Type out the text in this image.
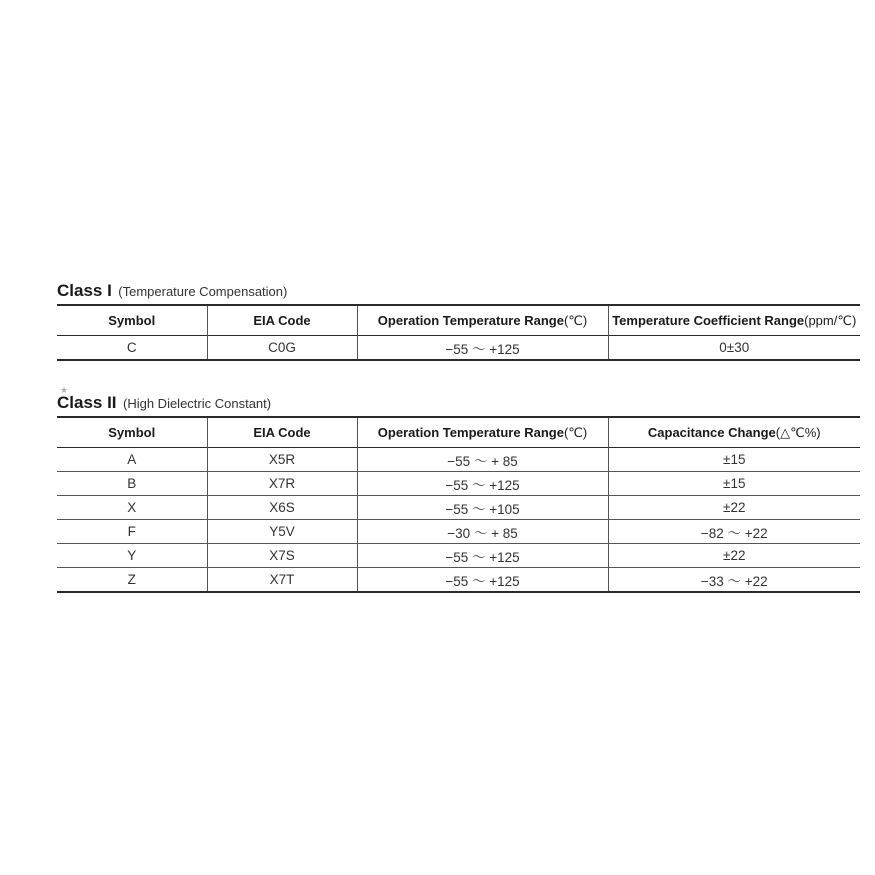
Class I (Temperature Compensation)
Symbol	EIA Code	Operation Temperature Range(℃)	Temperature Coefficient Range(ppm/℃)
C	C0G	−55 ～ +125	0±30
★
Class II (High Dielectric Constant)
Symbol	EIA Code	Operation Temperature Range(℃)	Capacitance Change(△℃%)
A	X5R	−55 ～ + 85	±15
B	X7R	−55 ～ +125	±15
X	X6S	−55 ～ +105	±22
F	Y5V	−30 ～ + 85	−82 ～ +22
Y	X7S	−55 ～ +125	±22
Z	X7T	−55 ～ +125	−33 ～ +22
